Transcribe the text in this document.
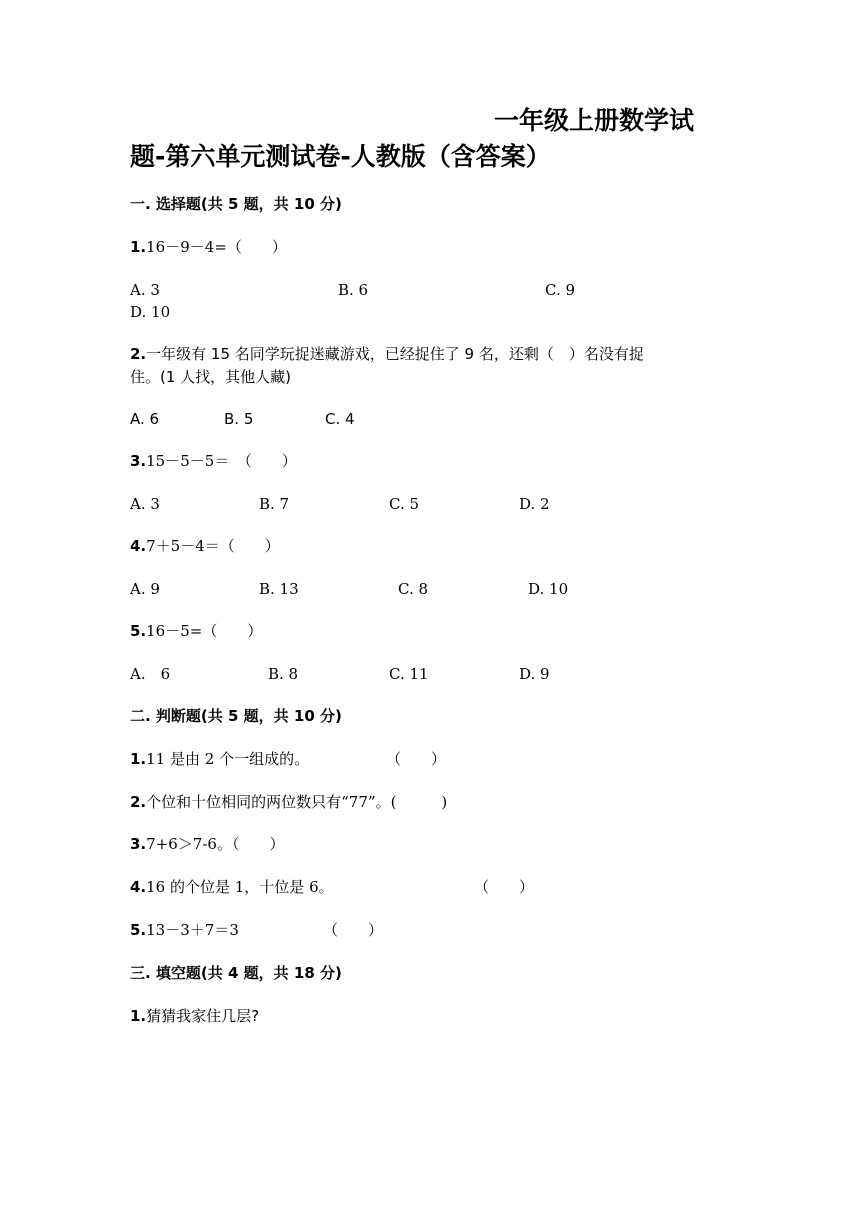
一年级上册数学试
题-第六单元测试卷-人教版（含答案）
一. 选择题(共 5 题，共 10 分)
1.16－9－4=（　　）
A. 3	B. 6	C. 9
D. 10
2.一年级有 15 名同学玩捉迷藏游戏，已经捉住了 9 名，还剩（　）名没有捉
住。(1 人找，其他人藏)
A. 6	B. 5	C. 4
3.15－5－5＝　（　　）
A. 3	B. 7	C. 5	D. 2
4.7＋5－4＝（　　）
A. 9	B. 13	C. 8	D. 10
5.16－5=（　　）
A.　6	B. 8	C. 11	D. 9
二. 判断题(共 5 题，共 10 分)
1.11 是由 2 个一组成的。	（　　）
2.个位和十位相同的两位数只有“77”。(　　　)
3.7+6＞7-6。（　　）
4.16 的个位是 1，十位是 6。	（　　）
5.13－3＋7＝3	（　　）
三. 填空题(共 4 题，共 18 分)
1.猜猜我家住几层?
